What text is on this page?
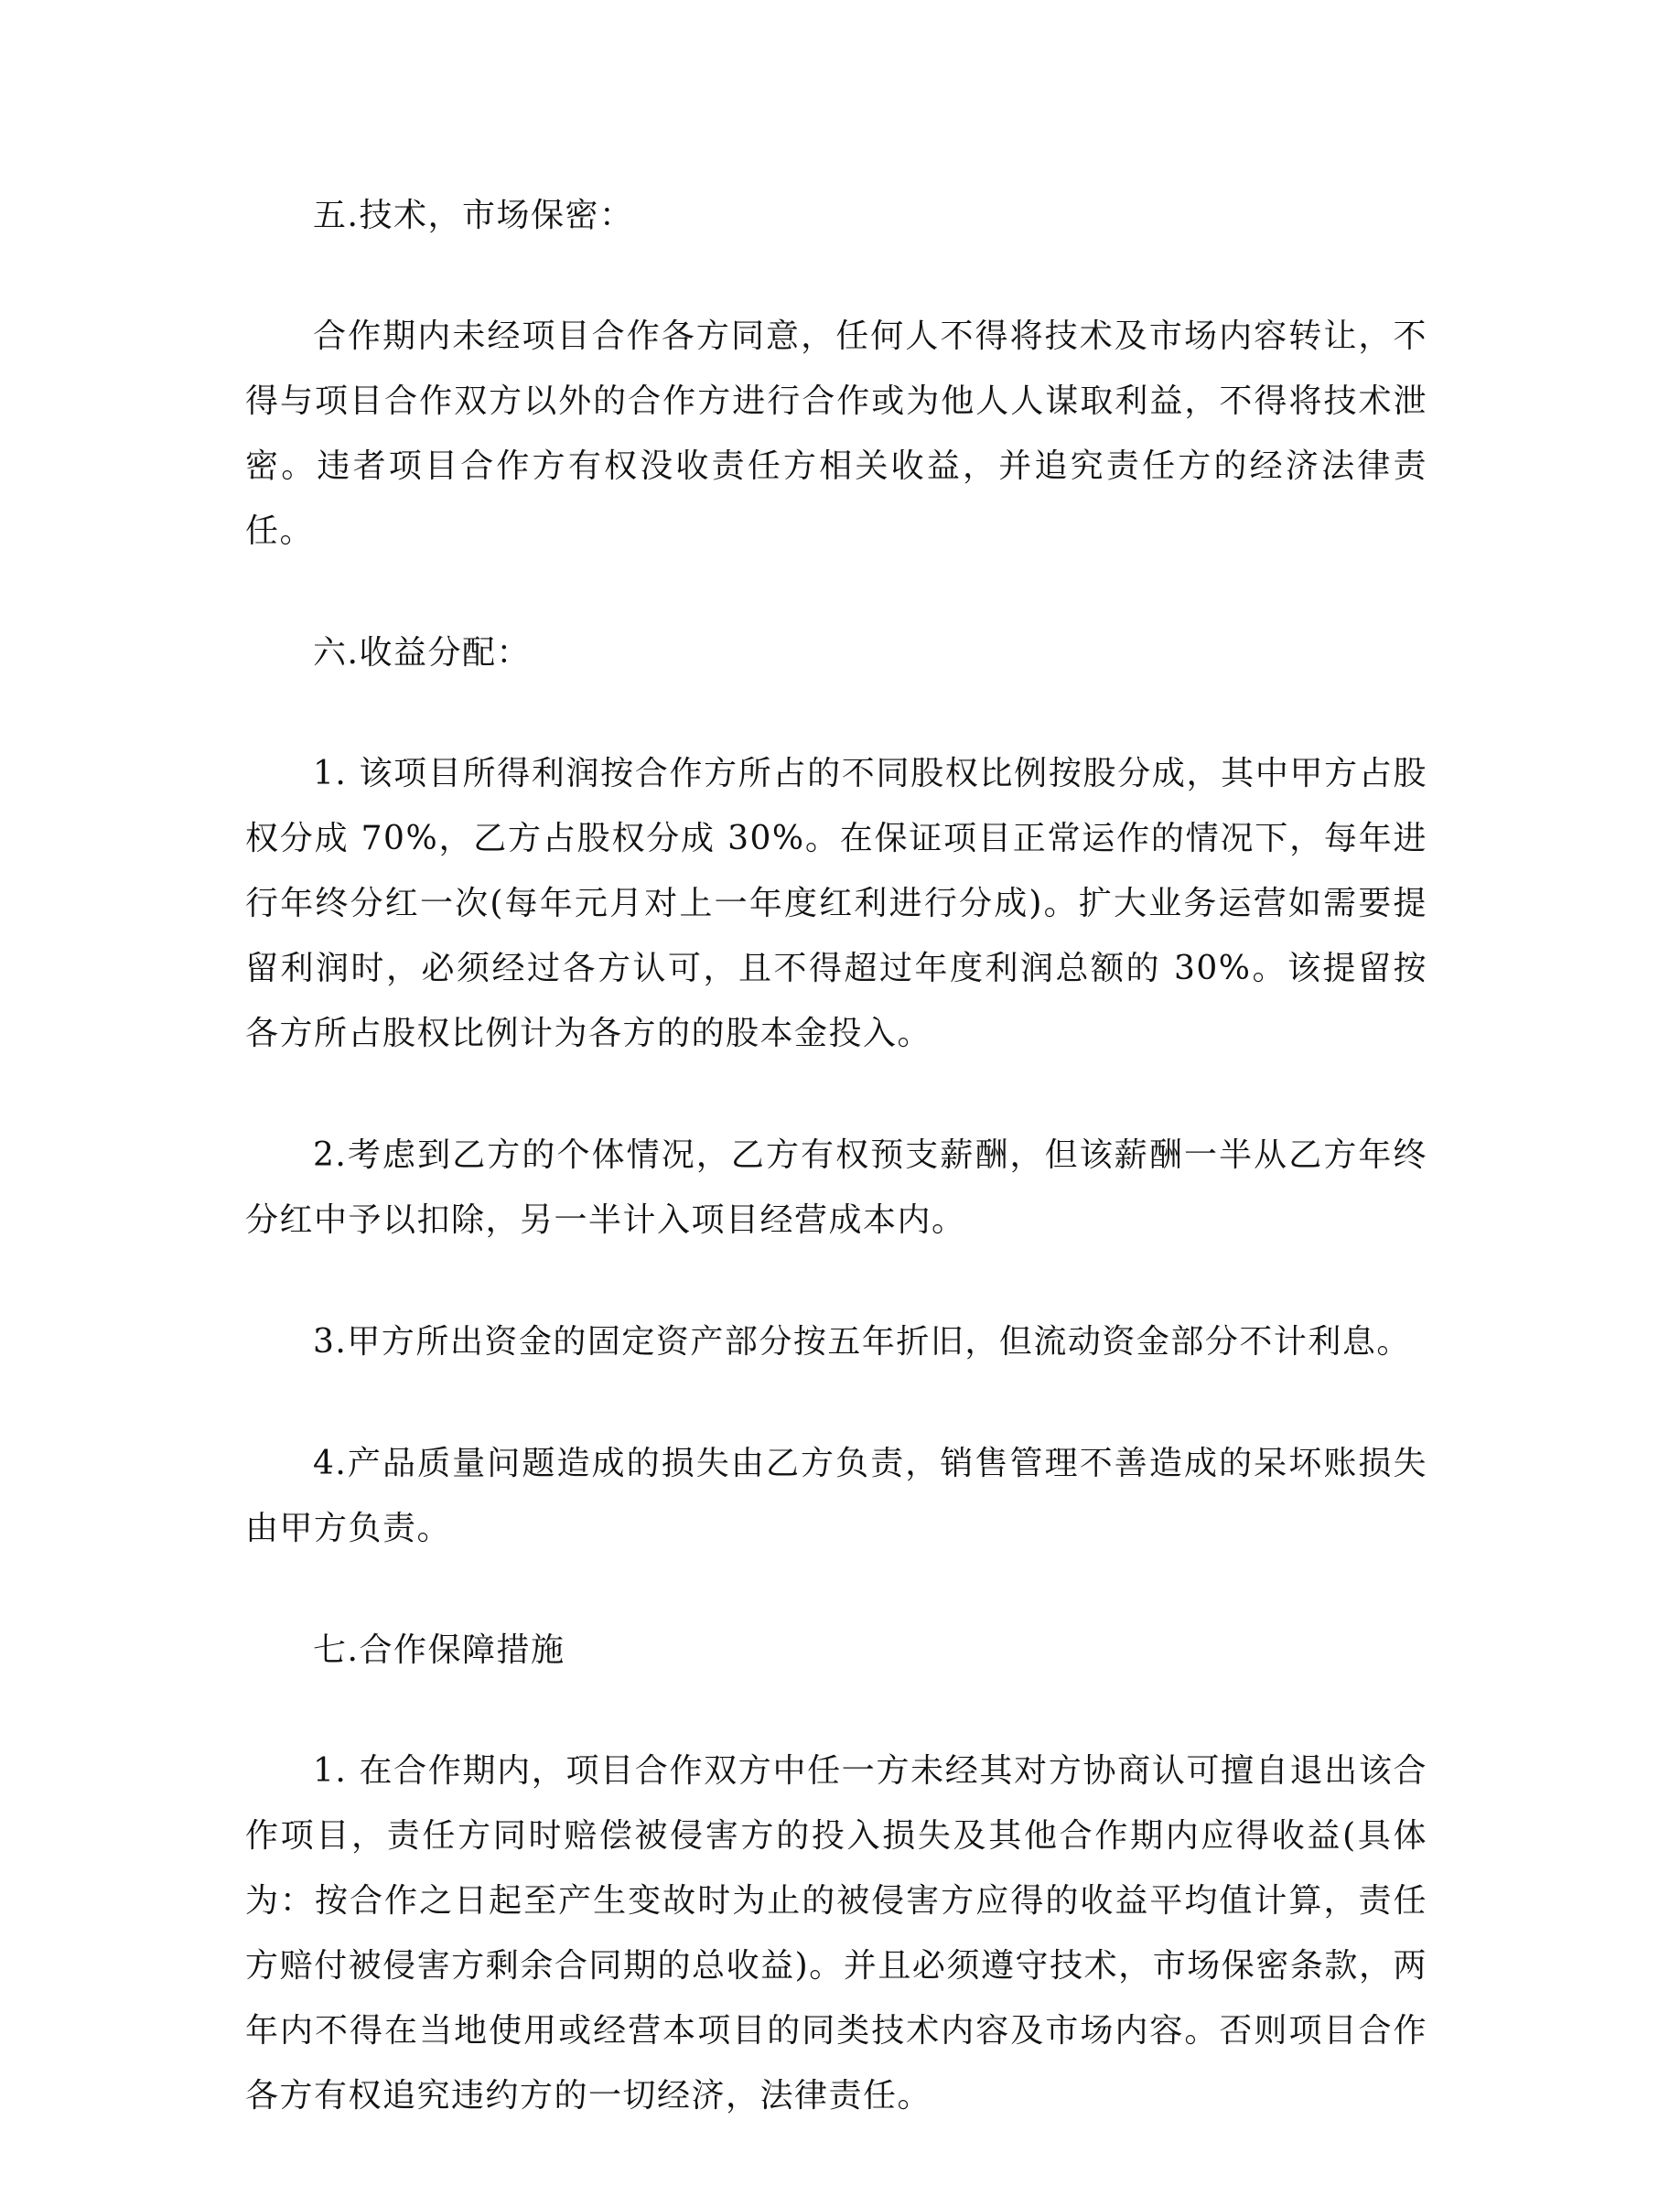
五.技术，市场保密：

合作期内未经项目合作各方同意，任何人不得将技术及市场内容转让，不得与项目合作双方以外的合作方进行合作或为他人人谋取利益，不得将技术泄密。违者项目合作方有权没收责任方相关收益，并追究责任方的经济法律责任。

六.收益分配：

1. 该项目所得利润按合作方所占的不同股权比例按股分成，其中甲方占股权分成 70%，乙方占股权分成 30%。在保证项目正常运作的情况下，每年进行年终分红一次(每年元月对上一年度红利进行分成)。扩大业务运营如需要提留利润时，必须经过各方认可，且不得超过年度利润总额的 30%。该提留按各方所占股权比例计为各方的的股本金投入。

2.考虑到乙方的个体情况，乙方有权预支薪酬，但该薪酬一半从乙方年终分红中予以扣除，另一半计入项目经营成本内。

3.甲方所出资金的固定资产部分按五年折旧，但流动资金部分不计利息。

4.产品质量问题造成的损失由乙方负责，销售管理不善造成的呆坏账损失由甲方负责。

七.合作保障措施

1. 在合作期内，项目合作双方中任一方未经其对方协商认可擅自退出该合作项目，责任方同时赔偿被侵害方的投入损失及其他合作期内应得收益(具体为：按合作之日起至产生变故时为止的被侵害方应得的收益平均值计算，责任方赔付被侵害方剩余合同期的总收益)。并且必须遵守技术，市场保密条款，两年内不得在当地使用或经营本项目的同类技术内容及市场内容。否则项目合作各方有权追究违约方的一切经济，法律责任。
